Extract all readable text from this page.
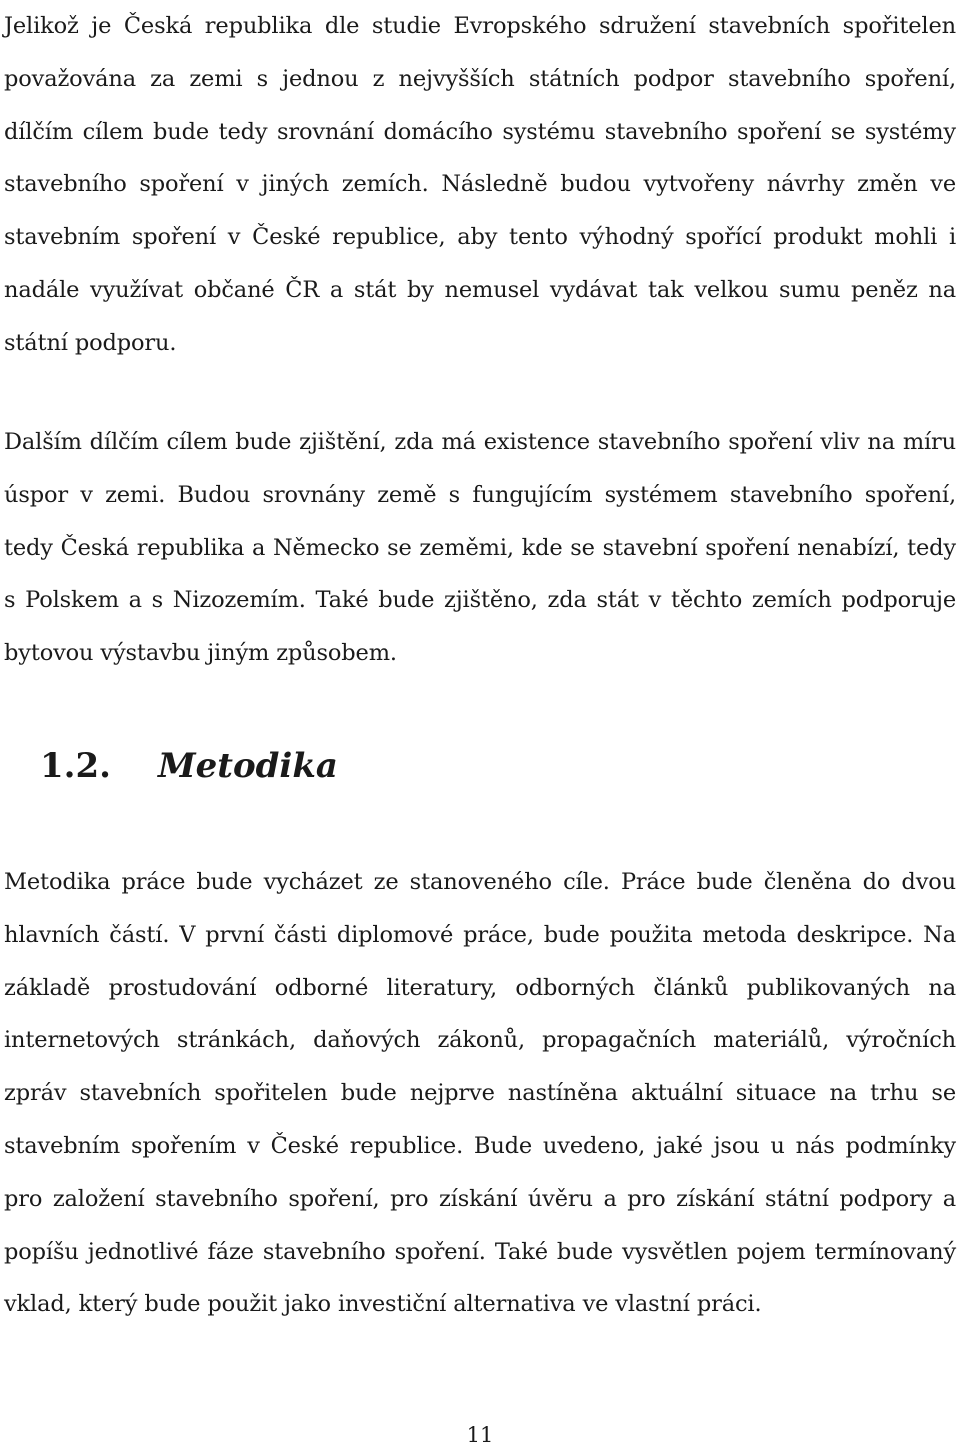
Jelikož je Česká republika dle studie Evropského sdružení stavebních spořitelen považována za zemi s jednou z nejvyšších státních podpor stavebního spoření, dílčím cílem bude tedy srovnání domácího systému stavebního spoření se systémy stavebního spoření v jiných zemích. Následně budou vytvořeny návrhy změn ve stavebním spoření v České republice, aby tento výhodný spořící produkt mohli i nadále využívat občané ČR a stát by nemusel vydávat tak velkou sumu peněz na státní podporu.

Dalším dílčím cílem bude zjištění, zda má existence stavebního spoření vliv na míru úspor v zemi. Budou srovnány země s fungujícím systémem stavebního spoření, tedy Česká republika a Německo se zeměmi, kde se stavební spoření nenabízí, tedy s Polskem a s Nizozemím. Také bude zjištěno, zda stát v těchto zemích podporuje bytovou výstavbu jiným způsobem.

1.2. Metodika

Metodika práce bude vycházet ze stanoveného cíle. Práce bude členěna do dvou hlavních částí. V první části diplomové práce, bude použita metoda deskripce. Na základě prostudování odborné literatury, odborných článků publikovaných na internetových stránkách, daňových zákonů, propagačních materiálů, výročních zpráv stavebních spořitelen bude nejprve nastíněna aktuální situace na trhu se stavebním spořením v České republice. Bude uvedeno, jaké jsou u nás podmínky pro založení stavebního spoření, pro získání úvěru a pro získání státní podpory a popíšu jednotlivé fáze stavebního spoření. Také bude vysvětlen pojem termínovaný vklad, který bude použit jako investiční alternativa ve vlastní práci.

11
